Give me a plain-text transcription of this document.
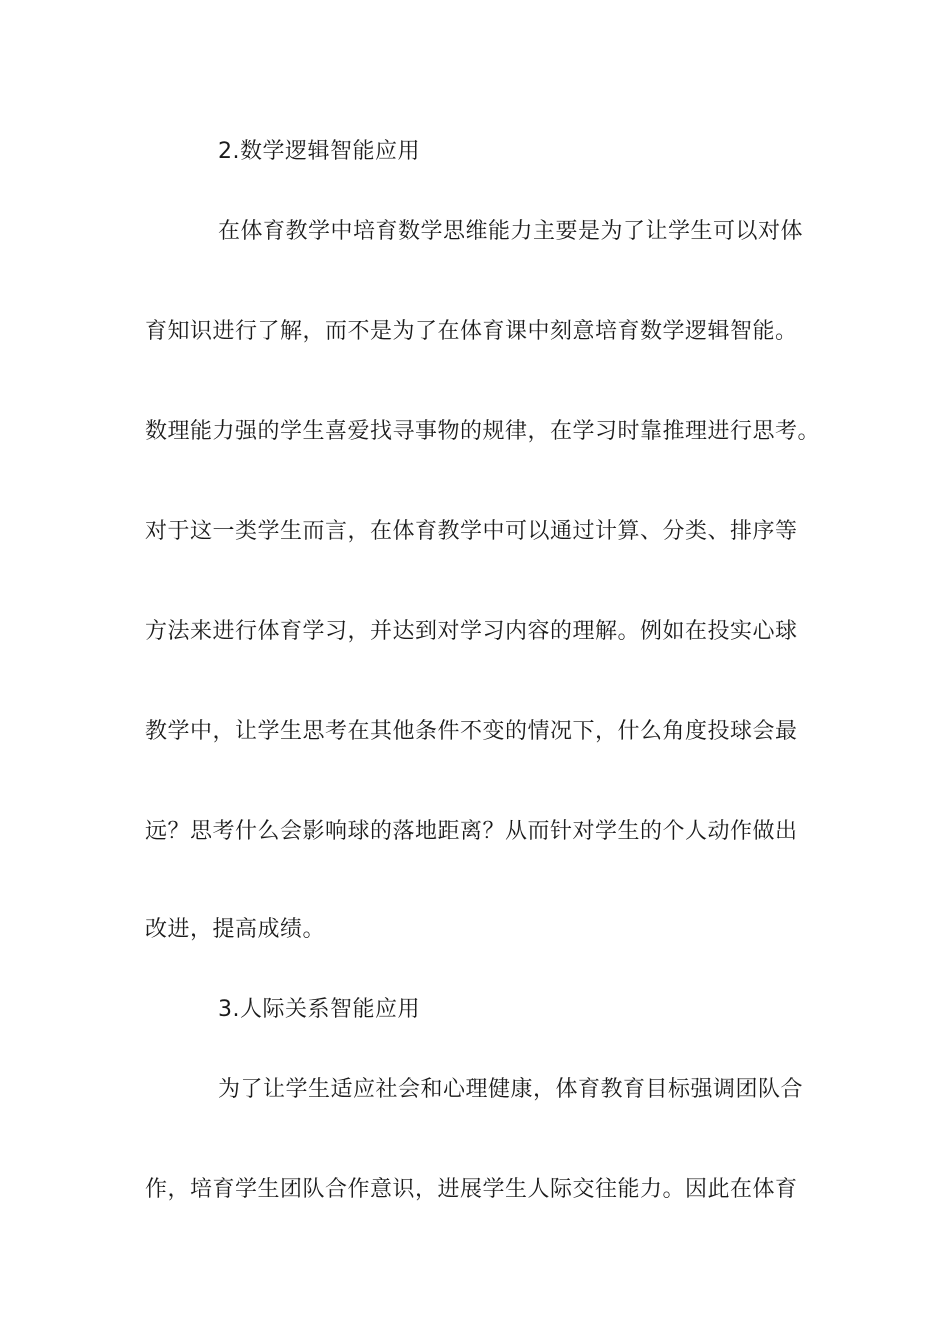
2.数学逻辑智能应用
在体育教学中培育数学思维能力主要是为了让学生可以对体
育知识进行了解，而不是为了在体育课中刻意培育数学逻辑智能。
数理能力强的学生喜爱找寻事物的规律，在学习时靠推理进行思考。
对于这一类学生而言，在体育教学中可以通过计算、分类、排序等
方法来进行体育学习，并达到对学习内容的理解。例如在投实心球
教学中，让学生思考在其他条件不变的情况下，什么角度投球会最
远？思考什么会影响球的落地距离？从而针对学生的个人动作做出
改进，提高成绩。
3.人际关系智能应用
为了让学生适应社会和心理健康，体育教育目标强调团队合
作，培育学生团队合作意识，进展学生人际交往能力。因此在体育
